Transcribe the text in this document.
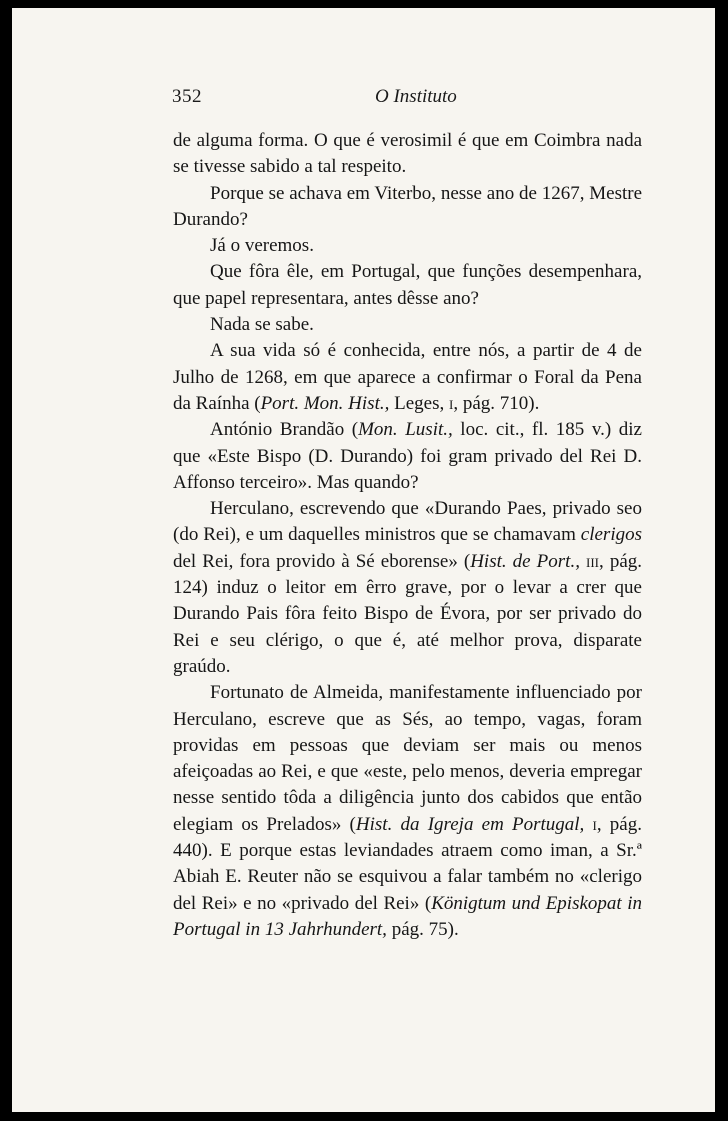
352	O Instituto

de alguma forma. O que é verosimil é que em Coimbra nada se tivesse sabido a tal respeito.

Porque se achava em Viterbo, nesse ano de 1267, Mestre Durando?

Já o veremos.

Que fôra êle, em Portugal, que funções desempenhara, que papel representara, antes dêsse ano?

Nada se sabe.

A sua vida só é conhecida, entre nós, a partir de 4 de Julho de 1268, em que aparece a confirmar o Foral da Pena da Raínha (Port. Mon. Hist., Leges, i, pág. 710).

António Brandão (Mon. Lusit., loc. cit., fl. 185 v.) diz que «Este Bispo (D. Durando) foi gram privado del Rei D. Affonso terceiro». Mas quando?

Herculano, escrevendo que «Durando Paes, privado seo (do Rei), e um daquelles ministros que se chamavam clerigos del Rei, fora provido à Sé eborense» (Hist. de Port., iii, pág. 124) induz o leitor em êrro grave, por o levar a crer que Durando Pais fôra feito Bispo de Évora, por ser privado do Rei e seu clérigo, o que é, até melhor prova, disparate graúdo.

Fortunato de Almeida, manifestamente influenciado por Herculano, escreve que as Sés, ao tempo, vagas, foram providas em pessoas que deviam ser mais ou menos afeiçoadas ao Rei, e que «este, pelo menos, deveria empregar nesse sentido tôda a diligência junto dos cabidos que então elegiam os Prelados» (Hist. da Igreja em Portugal, i, pág. 440). E porque estas leviandades atraem como iman, a Sr.ª Abiah E. Reuter não se esquivou a falar também no «clerigo del Rei» e no «privado del Rei» (Königtum und Episkopat in Portugal in 13 Jahrhundert, pág. 75).
